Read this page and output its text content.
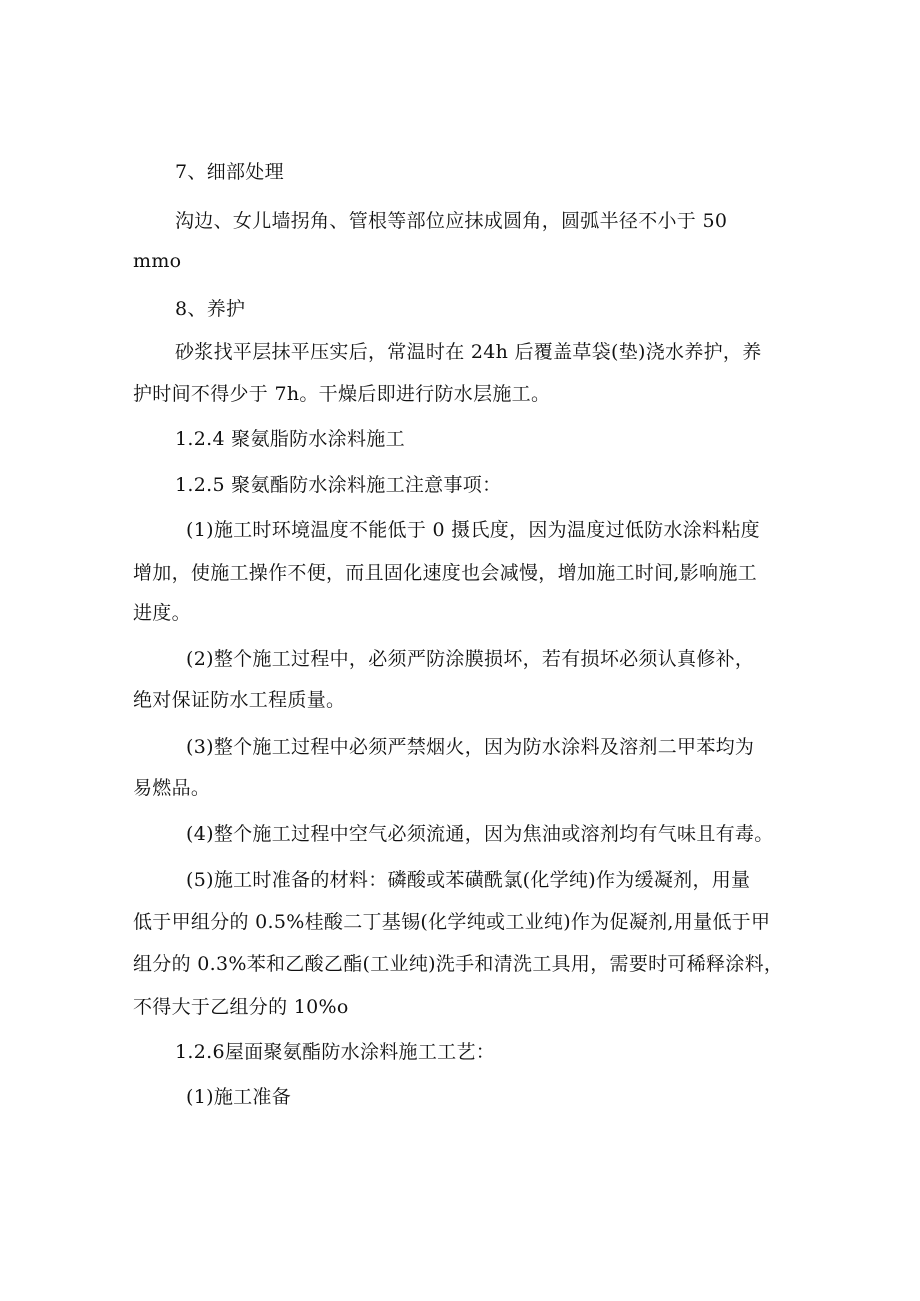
7、细部处理
沟边、女儿墙拐角、管根等部位应抹成圆角，圆弧半径不小于 50
mmo
8、养护
砂浆找平层抹平压实后，常温时在 24h 后覆盖草袋(垫)浇水养护，养
护时间不得少于 7h。干燥后即进行防水层施工。
1.2.4 聚氨脂防水涂料施工
1.2.5 聚氨酯防水涂料施工注意事项：
(1)施工时环境温度不能低于 0 摄氏度，因为温度过低防水涂料粘度
增加，使施工操作不便，而且固化速度也会减慢，增加施工时间,影响施工
进度。
(2)整个施工过程中，必须严防涂膜损坏，若有损坏必须认真修补，
绝对保证防水工程质量。
(3)整个施工过程中必须严禁烟火，因为防水涂料及溶剂二甲苯均为
易燃品。
(4)整个施工过程中空气必须流通，因为焦油或溶剂均有气味且有毒。
(5)施工时准备的材料：磷酸或苯磺酰氯(化学纯)作为缓凝剂，用量
低于甲组分的 0.5%桂酸二丁基锡(化学纯或工业纯)作为促凝剂,用量低于甲
组分的 0.3%苯和乙酸乙酯(工业纯)洗手和清洗工具用，需要时可稀释涂料，
不得大于乙组分的 10%o
1.2.6屋面聚氨酯防水涂料施工工艺：
(1)施工准备
